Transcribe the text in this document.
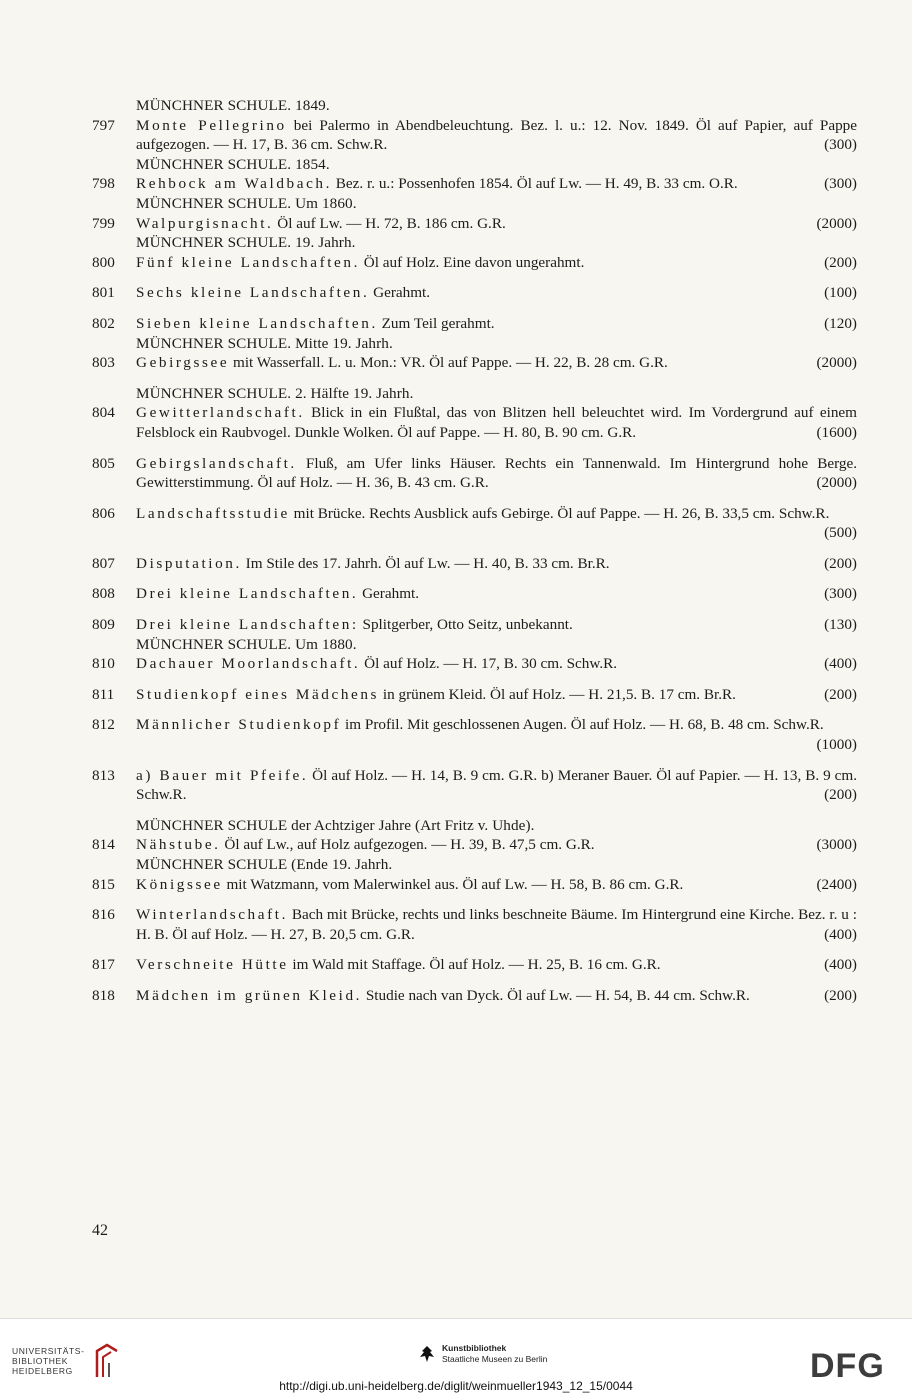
MÜNCHNER SCHULE. 1849.
797	Monte Pellegrino bei Palermo in Abendbeleuchtung. Bez. l. u.: 12. Nov. 1849. Öl auf Papier, auf Pappe aufgezogen. — H. 17, B. 36 cm. Schw.R.	(300)
MÜNCHNER SCHULE. 1854.
798	Rehbock am Waldbach. Bez. r. u.: Possenhofen 1854. Öl auf Lw. — H. 49, B. 33 cm. O.R.	(300)
MÜNCHNER SCHULE. Um 1860.
799	Walpurgisnacht. Öl auf Lw. — H. 72, B. 186 cm. G.R.	(2000)
MÜNCHNER SCHULE. 19. Jahrh.
800	Fünf kleine Landschaften. Öl auf Holz. Eine davon ungerahmt.	(200)
801	Sechs kleine Landschaften. Gerahmt.	(100)
802	Sieben kleine Landschaften. Zum Teil gerahmt.	(120)
MÜNCHNER SCHULE. Mitte 19. Jahrh.
803	Gebirgssee mit Wasserfall. L. u. Mon.: VR. Öl auf Pappe. — H. 22, B. 28 cm. G.R.	(2000)
MÜNCHNER SCHULE. 2. Hälfte 19. Jahrh.
804	Gewitterlandschaft. Blick in ein Flußtal, das von Blitzen hell beleuchtet wird. Im Vordergrund auf einem Felsblock ein Raubvogel. Dunkle Wolken. Öl auf Pappe. — H. 80, B. 90 cm. G.R.	(1600)
805	Gebirgslandschaft. Fluß, am Ufer links Häuser. Rechts ein Tannenwald. Im Hintergrund hohe Berge. Gewitterstimmung. Öl auf Holz. — H. 36, B. 43 cm. G.R.	(2000)
806	Landschaftsstudie mit Brücke. Rechts Ausblick aufs Gebirge. Öl auf Pappe. — H. 26, B. 33,5 cm. Schw.R.
(500)
807	Disputation. Im Stile des 17. Jahrh. Öl auf Lw. — H. 40, B. 33 cm. Br.R.	(200)
808	Drei kleine Landschaften. Gerahmt.	(300)
809	Drei kleine Landschaften: Splitgerber, Otto Seitz, unbekannt.	(130)
MÜNCHNER SCHULE. Um 1880.
810	Dachauer Moorlandschaft. Öl auf Holz. — H. 17, B. 30 cm. Schw.R.	(400)
811	Studienkopf eines Mädchens in grünem Kleid. Öl auf Holz. — H. 21,5. B. 17 cm. Br.R.	(200)
812	Männlicher Studienkopf im Profil. Mit geschlossenen Augen. Öl auf Holz. — H. 68, B. 48 cm. Schw.R.
(1000)
813	a) Bauer mit Pfeife. Öl auf Holz. — H. 14, B. 9 cm. G.R. b) Meraner Bauer. Öl auf Papier. — H. 13, B. 9 cm. Schw.R.	(200)
MÜNCHNER SCHULE der Achtziger Jahre (Art Fritz v. Uhde).
814	Nähstube. Öl auf Lw., auf Holz aufgezogen. — H. 39, B. 47,5 cm. G.R.	(3000)
MÜNCHNER SCHULE (Ende 19. Jahrh.
815	Königssee mit Watzmann, vom Malerwinkel aus. Öl auf Lw. — H. 58, B. 86 cm. G.R.	(2400)
816	Winterlandschaft. Bach mit Brücke, rechts und links beschneite Bäume. Im Hintergrund eine Kirche. Bez. r. u : H. B. Öl auf Holz. — H. 27, B. 20,5 cm. G.R.	(400)
817	Verschneite Hütte im Wald mit Staffage. Öl auf Holz. — H. 25, B. 16 cm. G.R.	(400)
818	Mädchen im grünen Kleid. Studie nach van Dyck. Öl auf Lw. — H. 54, B. 44 cm. Schw.R.	(200)
42
UNIVERSITÄTS-
BIBLIOTHEK
HEIDELBERG
Kunstbibliothek
Staatliche Museen zu Berlin	DFG
http://digi.ub.uni-heidelberg.de/diglit/weinmueller1943_12_15/0044
